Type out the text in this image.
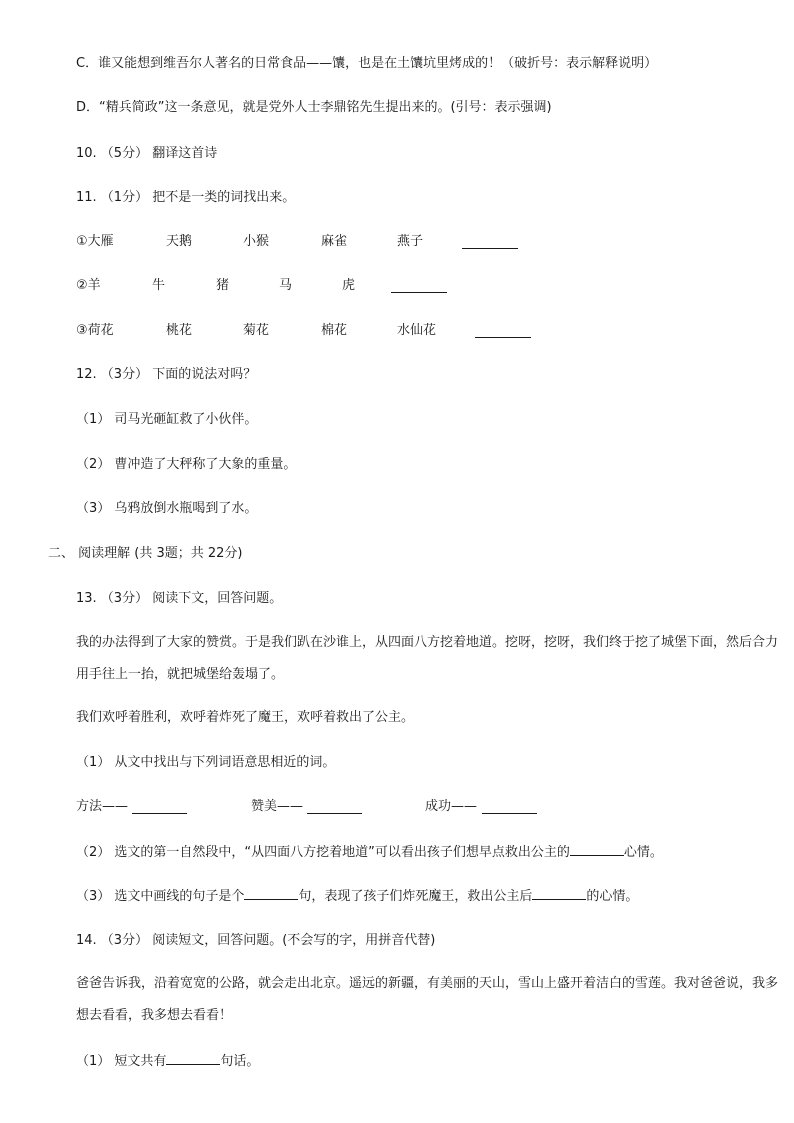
C．谁又能想到维吾尔人著名的日常食品——馕，也是在土馕坑里烤成的！（破折号：表示解释说明）
D．“精兵简政”这一条意见，就是党外人士李鼎铭先生提出来的。(引号：表示强调)
10. （5分） 翻译这首诗
11. （1分） 把不是一类的词找出来。
①大雁	天鹅	小猴	麻雀	燕子
②羊	牛	猪	马	虎
③荷花	桃花	菊花	棉花	水仙花
12. （3分） 下面的说法对吗？
（1） 司马光砸缸救了小伙伴。
（2） 曹冲造了大秤称了大象的重量。
（3） 乌鸦放倒水瓶喝到了水。
二、 阅读理解 (共 3题；共 22分)
13. （3分） 阅读下文，回答问题。
我的办法得到了大家的赞赏。于是我们趴在沙谁上，从四面八方挖着地道。挖呀，挖呀，我们终于挖了城堡下面，然后合力用手往上一抬，就把城堡给轰塌了。
我们欢呼着胜利，欢呼着炸死了魔王，欢呼着救出了公主。
（1） 从文中找出与下列词语意思相近的词。
方法——	赞美——	成功——
（2） 选文的第一自然段中，“从四面八方挖着地道”可以看出孩子们想早点救出公主的	心情。
（3） 选文中画线的句子是个	句，表现了孩子们炸死魔王，救出公主后	的心情。
14. （3分） 阅读短文，回答问题。(不会写的字，用拼音代替)
爸爸告诉我，沿着宽宽的公路，就会走出北京。遥远的新疆，有美丽的天山，雪山上盛开着洁白的雪莲。我对爸爸说，我多想去看看，我多想去看看！
（1） 短文共有	句话。
